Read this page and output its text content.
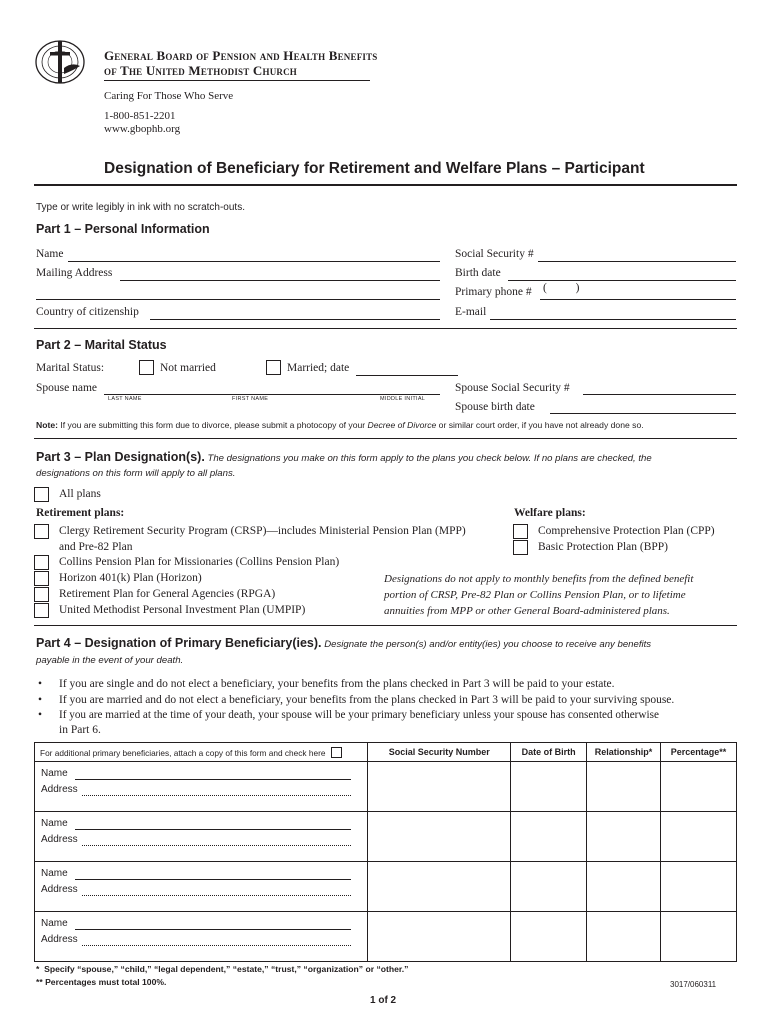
General Board of Pension and Health Benefits
of The United Methodist Church
Caring For Those Who Serve
1-800-851-2201
www.gbophb.org
Designation of Beneficiary for Retirement and Welfare Plans – Participant
Type or write legibly in ink with no scratch-outs.
Part 1 – Personal Information
Name
Mailing Address
Country of citizenship
Social Security #
Birth date
Primary phone # (          )
E-mail
Part 2 – Marital Status
Marital Status:	Not married	Married; date
Spouse name
LAST NAME	FIRST NAME	MIDDLE INITIAL
Spouse Social Security #
Spouse birth date
Note: If you are submitting this form due to divorce, please submit a photocopy of your Decree of Divorce or similar court order, if you have not already done so.
Part 3 – Plan Designation(s). The designations you make on this form apply to the plans you check below. If no plans are checked, the
designations on this form will apply to all plans.
All plans
Retirement plans:	Welfare plans:
Clergy Retirement Security Program (CRSP)—includes Ministerial Pension Plan (MPP)
and Pre-82 Plan
Collins Pension Plan for Missionaries (Collins Pension Plan)
Horizon 401(k) Plan (Horizon)
Retirement Plan for General Agencies (RPGA)
United Methodist Personal Investment Plan (UMPIP)
Comprehensive Protection Plan (CPP)
Basic Protection Plan (BPP)
Designations do not apply to monthly benefits from the defined benefit
portion of CRSP, Pre-82 Plan or Collins Pension Plan, or to lifetime
annuities from MPP or other General Board-administered plans.
Part 4 – Designation of Primary Beneficiary(ies). Designate the person(s) and/or entity(ies) you choose to receive any benefits
payable in the event of your death.
• If you are single and do not elect a beneficiary, your benefits from the plans checked in Part 3 will be paid to your estate.
• If you are married and do not elect a beneficiary, your benefits from the plans checked in Part 3 will be paid to your surviving spouse.
• If you are married at the time of your death, your spouse will be your primary beneficiary unless your spouse has consented otherwise
in Part 6.
For additional primary beneficiaries, attach a copy of this form and check here	Social Security Number	Date of Birth	Relationship*	Percentage**

Name
Address				

Name
Address				

Name
Address				

Name
Address				

*  Specify “spouse,” “child,” “legal dependent,” “estate,” “trust,” “organization” or “other.”
** Percentages must total 100%.	3017/060311
1 of 2
